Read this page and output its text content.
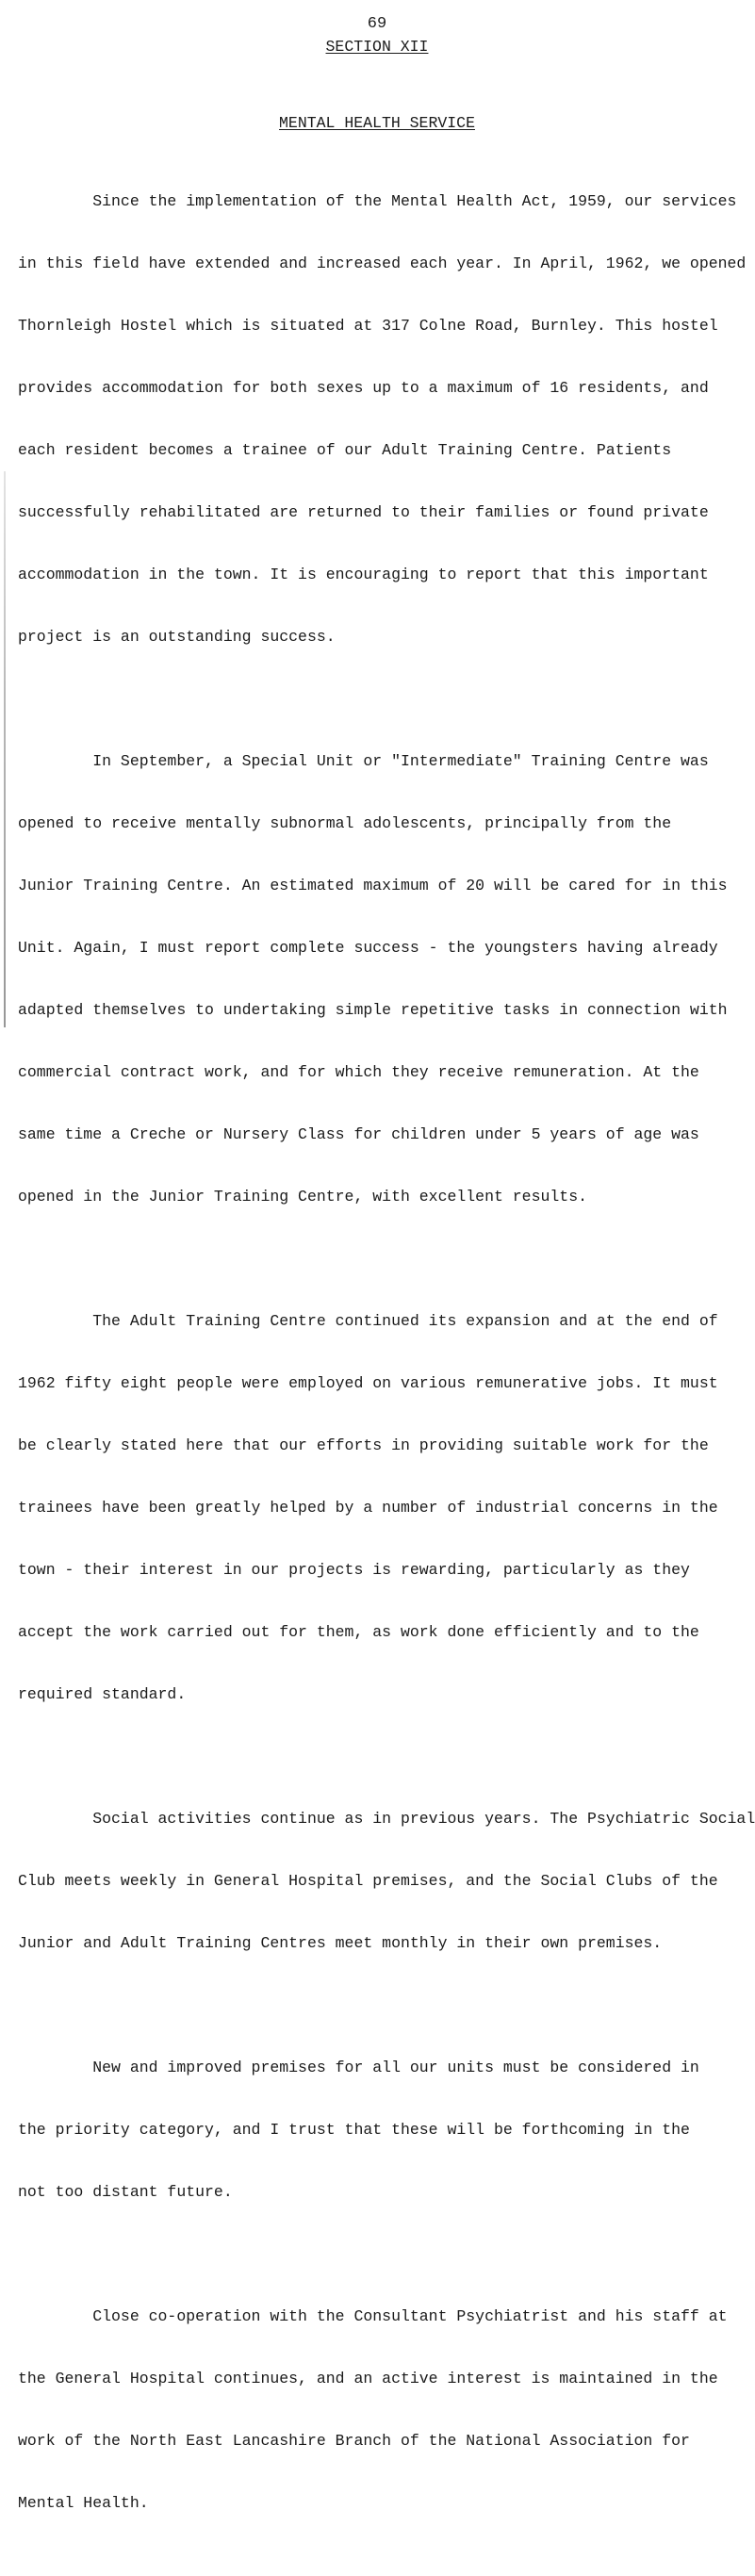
69
SECTION XII
MENTAL HEALTH SERVICE

Since the implementation of the Mental Health Act, 1959, our services

in this field have extended and increased each year. In April, 1962, we opened

Thornleigh Hostel which is situated at 317 Colne Road, Burnley. This hostel

provides accommodation for both sexes up to a maximum of 16 residents, and

each resident becomes a trainee of our Adult Training Centre. Patients

successfully rehabilitated are returned to their families or found private

accommodation in the town. It is encouraging to report that this important

project is an outstanding success.

In September, a Special Unit or "Intermediate" Training Centre was

opened to receive mentally subnormal adolescents, principally from the

Junior Training Centre. An estimated maximum of 20 will be cared for in this

Unit. Again, I must report complete success - the youngsters having already

adapted themselves to undertaking simple repetitive tasks in connection with

commercial contract work, and for which they receive remuneration. At the

same time a Creche or Nursery Class for children under 5 years of age was

opened in the Junior Training Centre, with excellent results.

The Adult Training Centre continued its expansion and at the end of

1962 fifty eight people were employed on various remunerative jobs. It must

be clearly stated here that our efforts in providing suitable work for the

trainees have been greatly helped by a number of industrial concerns in the

town - their interest in our projects is rewarding, particularly as they

accept the work carried out for them, as work done efficiently and to the

required standard.

Social activities continue as in previous years. The Psychiatric Social

Club meets weekly in General Hospital premises, and the Social Clubs of the

Junior and Adult Training Centres meet monthly in their own premises.

New and improved premises for all our units must be considered in

the priority category, and I trust that these will be forthcoming in the

not too distant future.

Close co-operation with the Consultant Psychiatrist and his staff at

the General Hospital continues, and an active interest is maintained in the

work of the North East Lancashire Branch of the National Association for

Mental Health.
